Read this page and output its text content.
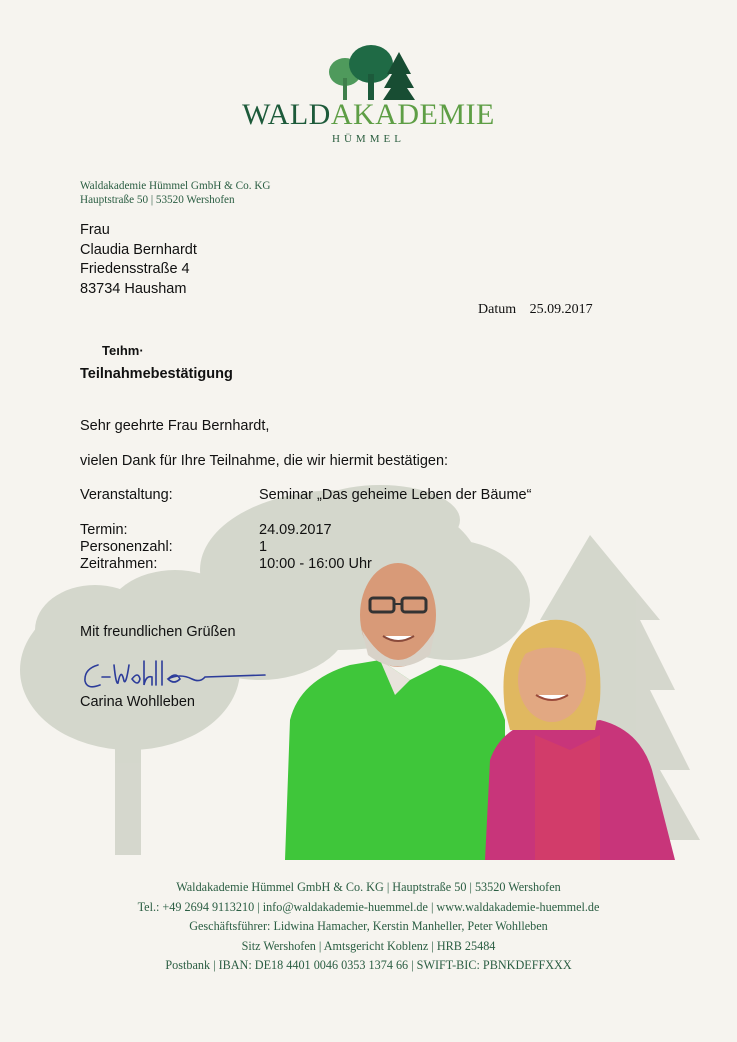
WALDAKADEMIE
HÜMMEL
Waldakademie Hümmel GmbH & Co. KG
Hauptstraße 50 | 53520 Wershofen
Frau
Claudia Bernhardt
Friedensstraße 4
83734 Hausham
Datum 25.09.2017
Teıhm·
Teilnahmebestätigung
Sehr geehrte Frau Bernhardt,
vielen Dank für Ihre Teilnahme, die wir hiermit bestätigen:
Veranstaltung:	Seminar „Das geheime Leben der Bäume“
Termin:	24.09.2017
Personenzahl:	1
Zeitrahmen:	10:00 - 16:00 Uhr
Mit freundlichen Grüßen
Carina Wohlleben
Waldakademie Hümmel GmbH & Co. KG | Hauptstraße 50 | 53520 Wershofen
Tel.: +49 2694 9113210 | info@waldakademie-huemmel.de | www.waldakademie-huemmel.de
Geschäftsführer: Lidwina Hamacher, Kerstin Manheller, Peter Wohlleben
Sitz Wershofen | Amtsgericht Koblenz | HRB 25484
Postbank | IBAN: DE18 4401 0046 0353 1374 66 | SWIFT-BIC: PBNKDEFFXXX
